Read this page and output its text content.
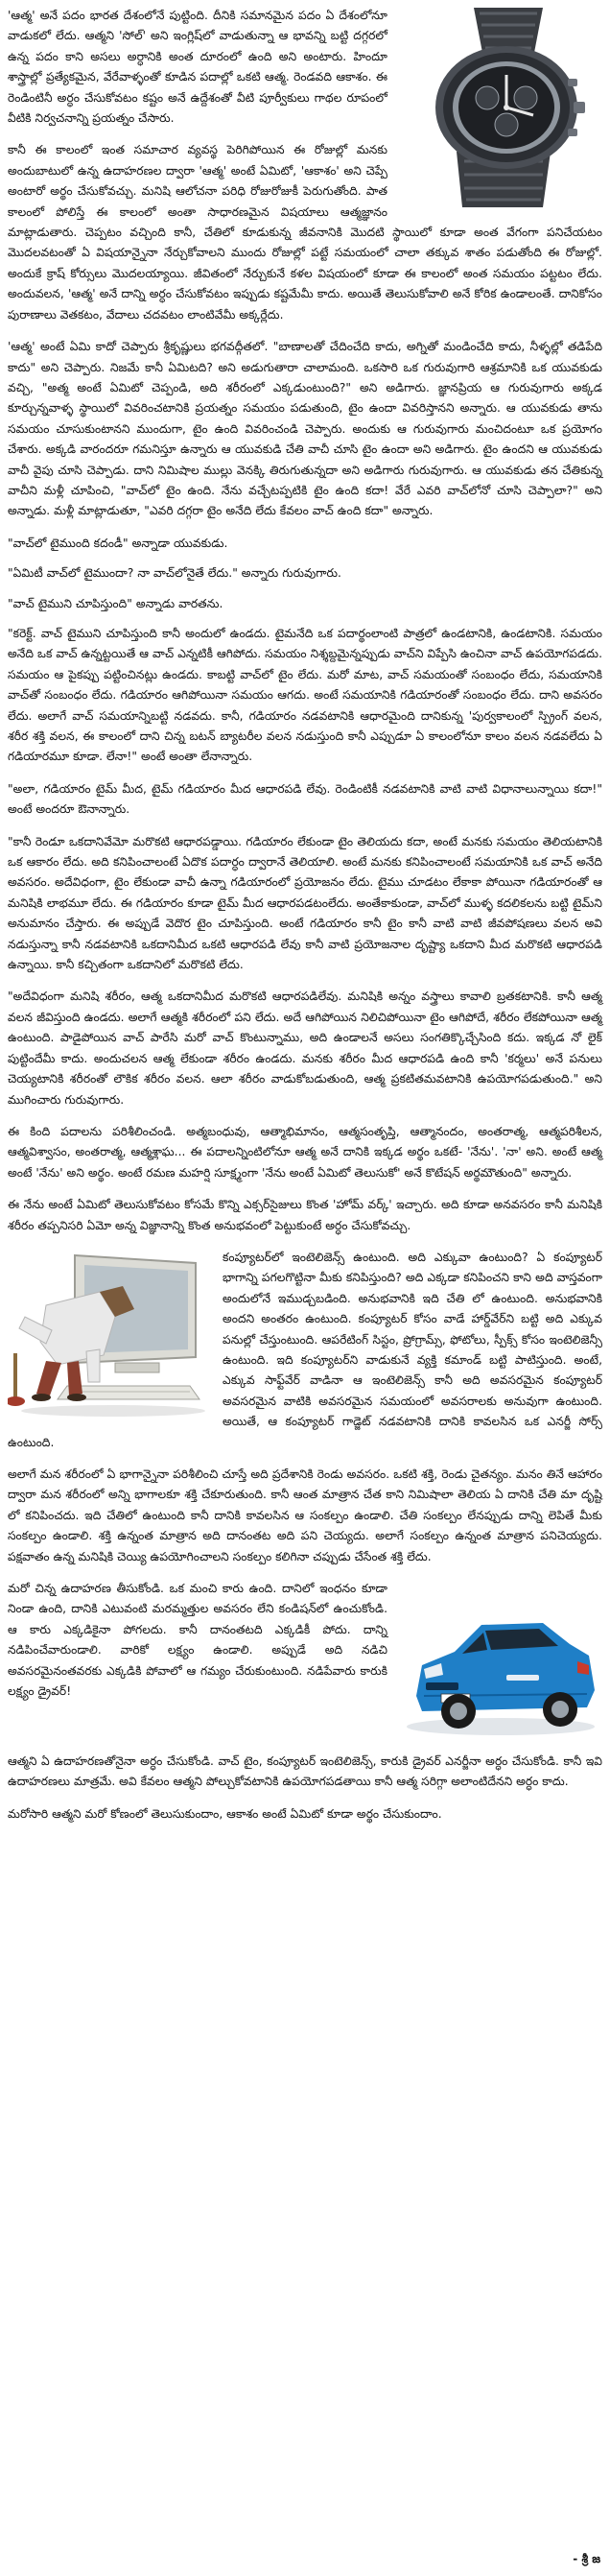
'ఆత్మ' అనే పదం భారత దేశంలోనే పుట్టింది. దీనికి సమానమైన పదం ఏ దేశంలోనూ వాడుకలో లేదు. ఆత్మని 'సోల్' అని ఇంగ్లిష్‌లో వాడుతున్నా ఆ భావన్ని బట్టి దగ్గరలో ఉన్న పదం కాని అసలు అర్ధానికి అంత దూరంలో ఉంది అని అంటారు. హిందూ శాస్త్రాల్లో ప్రత్యేకమైన, వేరేవాళ్ళంతో కూడిన పదాల్లో ఒకటి ఆత్మ. రెండవది ఆకాశం. ఈ రెండింటినీ అర్ధం చేసుకోవటం కష్టం అనే ఉద్దేశంతో వీటి పూర్వీకులు గాథల రూపంలో వీటికి నిర్వచనాన్ని ప్రయత్నం చేసారు.

కానీ ఈ కాలంలో ఇంత సమాచార వ్యవస్థ పెరిగిపోయిన ఈ రోజుల్లో మనకు అందుబాటులో ఉన్న ఉదాహరణల ద్వారా 'ఆత్మ' అంటే ఏమిటో, 'ఆకాశం' అని చెప్పే అంటారో అర్థం చేసుకోవచ్చు. మనిషి ఆలోచనా పరిధి రోజురోజుకీ పెరుగుతోంది. పాత కాలంలో పోలిస్తే ఈ కాలంలో అంతా సాధారణమైన విషయాలు ఆత్మజ్ఞానం మాట్లాడుతారు. చెప్పటం వచ్చింది కానీ, చేతిలో కూడుకున్న జీవనానికి మొదటి స్థాయిలో కూడా అంత వేగంగా పనిచేయటం మొదలవటంతో ఏ విషయాన్నైనా నేర్చుకోవాలని ముందు రోజుల్లో పట్టే సమయంలో చాలా తక్కువ శాతం పడుతోంది ఈ రోజుల్లో. అందుకే క్రాష్ కోర్సులు మొదలయ్యాయి. జీవితంలో నేర్చుకునే కళల విషయంలో కూడా ఈ కాలంలో అంత సమయం పట్టటం లేదు. అందువలన, 'ఆత్మ' అనే దాన్ని అర్ధం చేసుకోవటం ఇప్పుడు కష్టమేమీ కాదు. అయితే తెలుసుకోవాలి అనే కోరిక ఉండాలంతే. దానికోసం పురాణాలు వెతకటం, వేదాలు చదవటం లాంటివేమీ అక్కర్లేదు.

'ఆత్మ' అంటే ఏమి కాదో చెప్పారు శ్రీకృష్ణులు భగవద్గీతలో. "బాణాలతో చేదించేది కాదు, అగ్నితో మండించేది కాదు, నీళ్ళల్లో తడిపేది కాదు" అని చెప్పారు. నిజమే కానీ ఏమిటది? అని అడుగుతారా చాలామంది. ఒకసారి ఒక గురువుగారి ఆశ్రమానికి ఒక యువకుడు వచ్చి, "అత్మ అంటే ఏమిటో చెప్పండి, అది శరీరంలో ఎక్కడుంటుంది?" అని అడిగారు. జ్ఞానప్రియ ఆ గురువుగారు అక్కడ కూర్చున్నవాళ్ళ స్థాయిలో వివరించటానికి ప్రయత్నం సమయం పడుతుంది, టైం ఉందా వివరిస్తానని అన్నారు. ఆ యువకుడు తాను సమయం చూసుకుంటానని ముందుగా, టైం ఉంది వివరించండి చెప్పారు. అందుకు ఆ గురువుగారు మంచిదంటూ ఒక ప్రయోగం చేశారు. అక్కడి వారందరూ గమనిస్తూ ఉన్నారు ఆ యువకుడి చేతి వాచీ చూసి టైం ఉందా అని అడిగారు. టైం ఉందని ఆ యువకుడు వాచీ వైపు చూసి చెప్పాడు. దాని నిమిషాల ముల్లు వెనక్కి తిరుగుతున్నదా అని అడిగారు గురువుగారు. ఆ యువకుడు తన చేతికున్న వాచీని మళ్లీ చూపించి, "వాచ్‌లో టైం ఉంది. నేను వచ్చేటప్పటికి టైం ఉంది కదా! వేరే ఎవరి వాచ్‌లోనో చూసి చెప్పాలా?" అని అన్నాడు. మళ్లీ మాట్లాడుతూ, "ఎవరి దగ్గరా టైం అనేది లేదు కేవలం వాచ్ ఉంది కదా" అన్నారు.

"వాచ్‌లో టైముంది కదండీ" అన్నాడా యువకుడు.

"ఏమిటీ వాచ్‌లో టైముందా? నా వాచ్‌లోనైతే లేదు." అన్నారు గురువుగారు.

"వాచ్ టైముని చూపిస్తుంది" అన్నాడు వారతను.

"కరెక్ట్. వాచ్ టైముని చూపిస్తుంది కానీ అందులో ఉండదు. టైమనేది ఒక పదార్థంలాంటి పాత్రలో ఉండటానికి, ఉండటానికి. సమయం అనేది ఒక వాచ్ ఉన్నట్టయితే ఆ వాచ్ ఎన్నటికీ ఆగిపోదు. సమయం నిశ్శబ్దమైన్నప్పుడు వాచ్‌ని విప్పేసి ఉంచినా వాచ్ ఉపయోగపడదు. సమయం ఆ పైకప్పు పట్టించినట్లు ఉండదు. కాబట్టి వాచ్‌లో టైం లేదు. మరో మాట, వాచ్ సమయంతో సంబంధం లేదు, సమయానికి వాచ్‌తో సంబంధం లేదు. గడియారం ఆగిపోయినా సమయం ఆగదు. అంటే సమయానికి గడియారంతో సంబంధం లేదు. దాని అవసరం లేదు. అలాగే వాచ్ సమయాన్నిబట్టి నడవదు. కానీ, గడియారం నడవటానికి ఆధారమైంది దానికున్న 'పుర్వకాలంలో స్ప్రింగ్ వలన, శరీర శక్తి వలన, ఈ కాలంలో దాని చిన్న బటన్ బ్యాటరీల వలన నడుస్తుంది కానీ ఎప్పుడూ ఏ కాలంలోనూ కాలం వలన నడవలేదు ఏ గడియారమూ కూడా. లేనా!" అంటే అంతా లేనాన్నారు.

"అలా, గడియారం టైమ్ మీద, టైమ్ గడియారం మీద ఆధారపడి లేవు. రెండింటికీ నడవటానికి వాటి వాటి విధానాలున్నాయి కదా!" అంటే అందరూ ఔనాన్నారు.

"కానీ రెండూ ఒకదానివేమో మరొకటి ఆధారపడ్డాయి. గడియారం లేకుండా టైం తెలియదు కదా, అంటే మనకు సమయం తెలియటానికి ఒక ఆకారం లేదు. అది కనిపించాలంటే ఏదొక పదార్ధం ద్వారానే తెలియాలి. అంటే మనకు కనిపించాలంటే సమయానికి ఒక వాచ్ అనేది అవసరం. అదేవిధంగా, టైం లేకుండా వాచీ ఉన్నా గడియారంలో ప్రయోజనం లేదు. టైము చూడటం లేకాకా పోయినా గడియారంతో ఆ మనిషికి లాభమూ లేదు. ఈ గడియారం కూడా టైమ్ మీద ఆధారపడటంలేదు. అంతేకాకుండా, వాచ్‌లో ముళ్ళ కదలికలను బట్టి టైమ్‌ని అనుమానం చేస్తారు. ఈ అప్పుడే వెదొర టైం చూపిస్తుంది. అంటే గడియారం కానీ టైం కానీ వాటి వాటి జీవపోషణలు వలన అవి నడుస్తున్నా కానీ నడవటానికి ఒకదానిమీద ఒకటి ఆధారపడి లేవు కానీ వాటి ప్రయోజనాల దృష్ట్యా ఒకదాని మీద మరొకటి ఆధారపడి ఉన్నాయి. కానీ కచ్చితంగా ఒకదానిలో మరొకటి లేదు.

"అదేవిధంగా మనిషి శరీరం, ఆత్మ ఒకదానిమీద మరొకటి ఆధారపడిలేవు. మనిషికి అన్నం వస్త్రాలు కావాలి బ్రతకటానికి. కానీ ఆత్మ వలన జీవిస్తుంది ఉండదు. అలాగే ఆత్మకి శరీరంలో పని లేదు. అదే ఆగిపోయిన నిలిచిపోయినా టైం ఆగిపోదే, శరీరం లేకపోయినా ఆత్మ ఉంటుంది. పాడైపోయిన వాచ్ పారేసి మరో వాచ్ కొంటున్నాము, అది ఉండాలనే అసలు సంగతిక్కొచ్చేసింది కదు. ఇక్కడ నో లైక్ పుట్టిందేమీ కాదు. అందుచలన ఆత్మ లేకుండా శరీరం ఉండదు. మనకు శరీరం మీద ఆధారపడి ఉంది కానీ 'కర్మలు' అనే పనులు చెయ్యటానికి శరీరంతో లౌకిక శరీరం వలన. ఆలా శరీరం వాడుకోబడుతుంది, ఆత్మ ప్రకటితమవటానికి ఉపయోగపడుతుంది." అని ముగించారు గురువుగారు.

ఈ కింది పదాలను పరిశీలించండి. అత్మబంధువు, ఆత్మాభిమానం, ఆత్మసంతృప్తి, ఆత్మానందం, అంతరాత్మ, ఆత్మపరిశీలన, ఆత్మవిశ్వాసం, అంతరాత్మ, ఆత్మశ్లాఘ... ఈ పదాలన్నింటిలోనూ ఆత్మ అనే దానికి ఇక్కడ అర్థం ఒకటే- 'నేను'. 'నా' అని. అంటే ఆత్మ అంటే 'నేను' అని అర్థం. అంటే రమణ మహర్షి సూక్ష్మంగా 'నేను అంటే ఏమిటో తెలుసుకో' అనే కొటేషన్ అర్థమౌతుంది" అన్నారు.

ఈ నేను అంటే ఏమిటో తెలుసుకోవటం కోసమే కొన్ని ఎక్సర్‌సైజులు కొంత 'హోమ్ వర్క్' ఇచ్చారు. అది కూడా అనవసరం కానీ మనిషికి శరీరం తప్పనిసరి ఏమో అన్న విజ్ఞానాన్ని కొంత అనుభవంలో పెట్టుకుంటే అర్ధం చేసుకోవచ్చు.

కంప్యూటర్‌లో ఇంటెలిజెన్స్ ఉంటుంది. అది ఎక్కువా ఉంటుంది? ఏ కంప్యూటర్ భాగాన్ని పగలగొట్టినా మీకు కనిపిస్తుంది? అది ఎక్కడా కనిపించని కాని అది వాస్తవంగా అందులోనే ఇముడ్చబడింది. అనుభవానికి ఇది చేతి లో ఉంటుంది. అనుభవానికి అందని అంతరం ఉంటుంది. కంప్యూటర్ కోసం వాడే హార్డ్‌వేర్‌ని బట్టి అది ఎక్కువ పనుల్లో చేస్తుంటుంది. ఆపరేటింగ్ సిస్టం, ప్రోగ్రామ్స్, ఫోటోలు, స్పీక్స్ కోసం ఇంటెలిజెన్సీ ఉంటుంది. ఇది కంప్యూటర్‌ని వాడుకునే వ్యక్తి కమాండ్ బట్టి పాటిస్తుంది. అంటే, ఎక్కువ సాఫ్ట్‌వేర్ వాడినా ఆ ఇంటెలిజెన్స్ కానీ అది అవసరమైన కంప్యూటర్ అవసరమైన వాటికి అవసరమైన సమయంలో అవసరాలకు అనువుగా ఉంటుంది. అయితే, ఆ కంప్యూటర్ గాడ్జెట్ నడవటానికి దానికి కావలసిన ఒక ఎనర్జీ సోర్స్ ఉంటుంది.

అలాగే మన శరీరంలో ఏ భాగాన్నైనా పరిశీలించి చూస్తే అది ప్రదేశానికి రెండు అవసరం. ఒకటి శక్తి, రెండు చైతన్యం. మనం తినే ఆహారం ద్వారా మన శరీరంలో అన్ని భాగాలకూ శక్తి చేకూరుతుంది. కానీ ఆంత మాత్రాన చేత కాని నిమిషాలా తెలియ ఏ దానికి చేతి మా దృష్టి లో కనిపించదు. ఇది చేతిలో ఉంటుంది కానీ దానికి కావలసిన ఆ సంకల్పం ఉండాలి. చేతి సంకల్పం లేనప్పుడు దాన్ని లెపితే మీకు సంకల్పం ఉండాలి. శక్తి ఉన్నంత మాత్రాన అది దానంతట అది పని చెయ్యదు. అలాగే సంకల్పం ఉన్నంత మాత్రాన పనిచెయ్యదు. పక్షవాతం ఉన్న మనిషికి చెయ్యి ఉపయోగించాలని సంకల్పం కలిగినా చప్పుడు చేసేంత శక్తి లేదు.

మరో చిన్న ఉదాహరణ తీసుకోండి. ఒక మంచి కారు ఉంది. దానిలో ఇంధనం కూడా నిండా ఉంది, దానికి ఎటువంటి మరమ్మత్తుల అవసరం లేని కండిషన్‌లో ఉంచుకోండి. ఆ కారు ఎక్కడికైనా పోగలదు. కానీ దానంతటది ఎక్కడికీ పోదు. దాన్ని నడిపించేవారుండాలి. వారికో లక్ష్యం ఉండాలి. అప్పుడే అది నడిచి అవసరమైనంతవరకు ఎక్కడికి పోవాలో ఆ గమ్యం చేరుకుంటుంది. నడిపేవారు కారుకి లక్ష్యం డ్రైవర్!

ఆత్మని ఏ ఉదాహరణతోనైనా అర్ధం చేసుకోండి. వాచ్ టైం, కంప్యూటర్ ఇంటెలిజెన్స్, కారుకి డ్రైవర్ ఎనర్జీనా అర్ధం చేసుకోండి. కానీ ఇవి ఉదాహరణలు మాత్రమే. అవి కేవలం ఆత్మని పోల్చుకోవటానికి ఉపయోగపడతాయి కానీ ఆత్మ సరిగ్గా అలాంటిదేనని అర్ధం కాదు.

మరోసారి ఆత్మని మరో కోణంలో తెలుసుకుందాం, ఆకాశం అంటే ఏమిటో కూడా అర్థం చేసుకుందాం.

- శ్రీ జ
